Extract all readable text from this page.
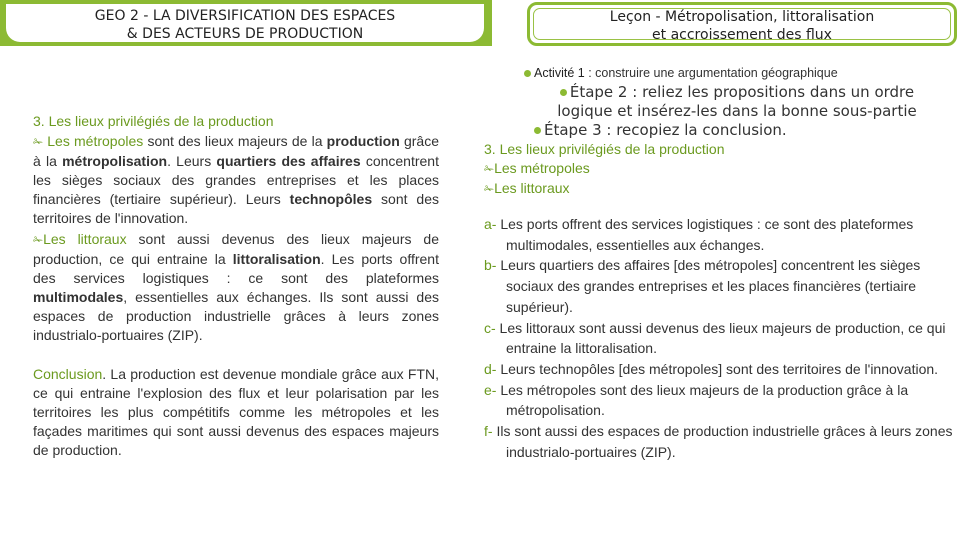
GEO 2 - LA DIVERSIFICATION DES ESPACES
& DES ACTEURS DE PRODUCTION
Leçon - Métropolisation, littoralisation
et accroissement des flux

3. Les lieux privilégiés de la production

✁ Les métropoles sont des lieux majeurs de la production grâce à la métropolisation. Leurs quartiers des affaires concentrent les sièges sociaux des grandes entreprises et les places financières (tertiaire supérieur). Leurs technopôles sont des territoires de l'innovation.

✁Les littoraux sont aussi devenus des lieux majeurs de production, ce qui entraine la littoralisation. Les ports offrent des services logistiques : ce sont des plateformes multimodales, essentielles aux échanges. Ils sont aussi des espaces de production industrielle grâces à leurs zones industrialo-portuaires (ZIP).

Conclusion. La production est devenue mondiale grâce aux FTN, ce qui entraine l'explosion des flux et leur polarisation par les territoires les plus compétitifs comme les métropoles et les façades maritimes qui sont aussi devenus des espaces majeurs de production.

Activité 1 : construire une argumentation géographique
Étape 2 : reliez les propositions dans un ordre logique et insérez-les dans la bonne sous-partie
Étape 3 : recopiez la conclusion.
3. Les lieux privilégiés de la production
✁Les métropoles
✁Les littoraux

a- Les ports offrent des services logistiques : ce sont des plateformes multimodales, essentielles aux échanges.

b- Leurs quartiers des affaires [des métropoles] concentrent les sièges sociaux des grandes entreprises et les places financières (tertiaire supérieur).

c- Les littoraux sont aussi devenus des lieux majeurs de production, ce qui entraine la littoralisation.

d- Leurs technopôles [des métropoles] sont des territoires de l'innovation.

e- Les métropoles sont des lieux majeurs de la production grâce à la métropolisation.

f- Ils sont aussi des espaces de production industrielle grâces à leurs zones industrialo-portuaires (ZIP).
